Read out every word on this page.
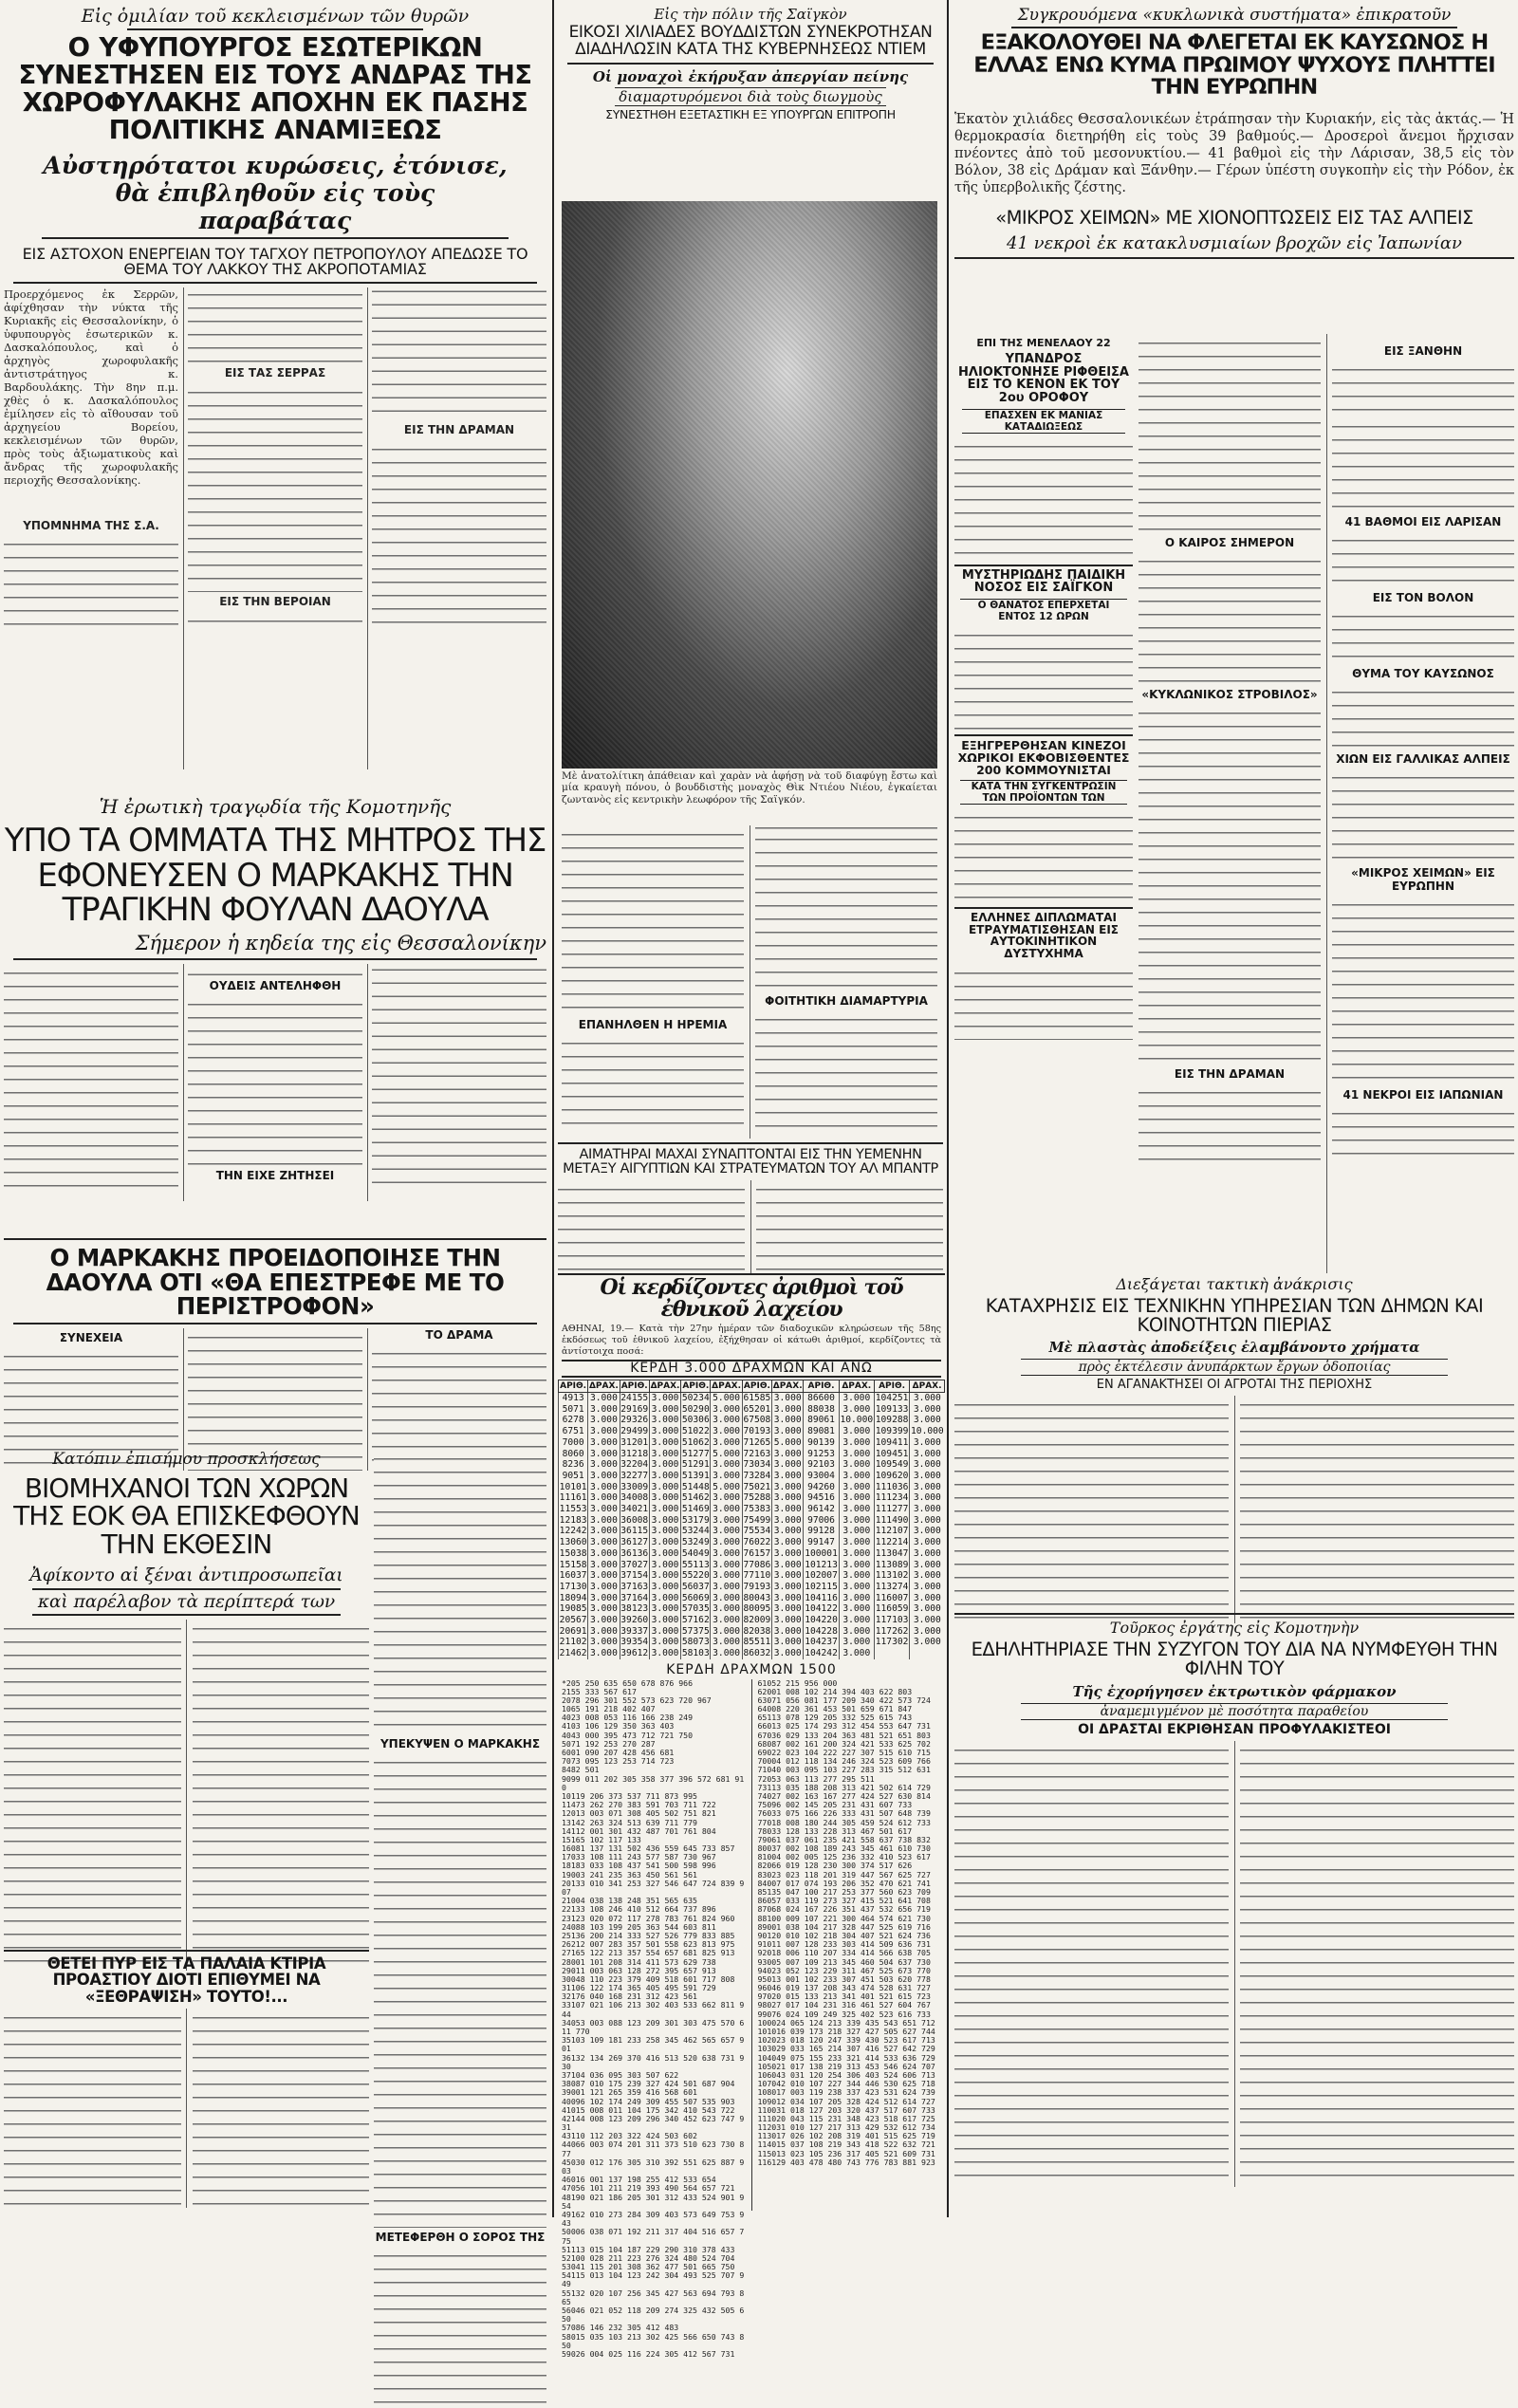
Εἰς ὁμιλίαν τοῦ κεκλεισμένων τῶν θυρῶν
Ο ΥΦΥΠΟΥΡΓΟΣ ΕΣΩΤΕΡΙΚΩΝ ΣΥΝΕΣΤΗΣΕΝ ΕΙΣ ΤΟΥΣ ΑΝΔΡΑΣ ΤΗΣ ΧΩΡΟΦΥΛΑΚΗΣ ΑΠΟΧΗΝ ΕΚ ΠΑΣΗΣ ΠΟΛΙΤΙΚΗΣ ΑΝΑΜΙΞΕΩΣ
Αὐστηρότατοι κυρώσεις, ἐτόνισε,
θὰ ἐπιβληθοῦν εἰς τοὺς παραβάτας
ΕΙΣ ΑΣΤΟΧΟΝ ΕΝΕΡΓΕΙΑΝ ΤΟΥ ΤΑΓΧΟΥ ΠΕΤΡΟΠΟΥΛΟΥ ΑΠΕΔΩΣΕ ΤΟ ΘΕΜΑ ΤΟΥ ΛΑΚΚΟΥ ΤΗΣ ΑΚΡΟΠΟΤΑΜΙΑΣ
Προερχόμενος ἐκ Σερρῶν, ἀφίχθησαν τὴν νύκτα τῆς Κυριακῆς εἰς Θεσσαλονίκην, ὁ ὑφυπουργὸς ἐσωτερικῶν κ. Δασκαλόπουλος, καὶ ὁ ἀρχηγὸς χωροφυλακῆς ἀντιστράτηγος κ. Βαρδουλάκης. Τὴν 8ην π.μ. χθὲς ὁ κ. Δασκαλόπουλος ἐμίλησεν εἰς τὸ αἴθουσαν τοῦ ἀρχηγείου Βορείου, κεκλεισμένων τῶν θυρῶν, πρὸς τοὺς ἀξιωματικοὺς καὶ ἄνδρας τῆς χωροφυλακῆς περιοχῆς Θεσσαλονίκης.

ΥΠΟΜΝΗΜΑ ΤΗΣ Σ.Α.
ΕΙΣ ΤΑΣ ΣΕΡΡΑΣ
ΕΙΣ ΤΗΝ ΒΕΡΟΙΑΝ
ΕΙΣ ΤΗΝ ΔΡΑΜΑΝ
Ἡ ἐρωτικὴ τραγῳδία τῆς Κομοτηνῆς
ΥΠΟ ΤΑ ΟΜΜΑΤΑ ΤΗΣ ΜΗΤΡΟΣ ΤΗΣ ΕΦΟΝΕΥΣΕΝ Ο ΜΑΡΚΑΚΗΣ ΤΗΝ ΤΡΑΓΙΚΗΝ ΦΟΥΛΑΝ ΔΑΟΥΛΑ
Σήμερον ἡ κηδεία της εἰς Θεσσαλονίκην
ΟΥΔΕΙΣ ΑΝΤΕΛΗΦΘΗ
ΤΗΝ ΕΙΧΕ ΖΗΤΗΣΕΙ
Ο ΜΑΡΚΑΚΗΣ ΠΡΟΕΙΔΟΠΟΙΗΣΕ ΤΗΝ ΔΑΟΥΛΑ ΟΤΙ «ΘΑ ΕΠΕΣΤΡΕΦΕ ΜΕ ΤΟ ΠΕΡΙΣΤΡΟΦΟΝ»
ΣΥΝΕΧΕΙΑ	ΤΟ ΔΡΑΜΑ
Κατόπιν ἐπισήμου προσκλήσεως
ΒΙΟΜΗΧΑΝΟΙ ΤΩΝ ΧΩΡΩΝ ΤΗΣ ΕΟΚ ΘΑ ΕΠΙΣΚΕΦΘΟΥΝ ΤΗΝ ΕΚΘΕΣΙΝ
Ἀφίκοντο αἱ ξέναι ἀντιπροσωπεῖαι
καὶ παρέλαβον τὰ περίπτερά των
ΥΠΕΚΥΨΕΝ Ο ΜΑΡΚΑΚΗΣ
ΜΕΤΕΦΕΡΘΗ Ο ΣΟΡΟΣ ΤΗΣ
ΘΕΤΕΙ ΠΥΡ ΕΙΣ ΤΑ ΠΑΛΑΙΑ ΚΤΙΡΙΑ ΠΡΟΑΣΤΙΟΥ ΔΙΟΤΙ ΕΠΙΘΥΜΕΙ ΝΑ «ΞΕΘΡΑΨΙΣΗ» ΤΟΥΤΟ!...
Εἰς τὴν πόλιν τῆς Σαϊγκὸν
ΕΙΚΟΣΙ ΧΙΛΙΑΔΕΣ ΒΟΥΔΔΙΣΤΩΝ ΣΥΝΕΚΡΟΤΗΣΑΝ ΔΙΑΔΗΛΩΣΙΝ ΚΑΤΑ ΤΗΣ ΚΥΒΕΡΝΗΣΕΩΣ ΝΤΙΕΜ
Οἱ μοναχοὶ ἐκήρυξαν ἀπεργίαν πείνης
διαμαρτυρόμενοι διὰ τοὺς διωγμοὺς
ΣΥΝΕΣΤΗΘΗ ΕΞΕΤΑΣΤΙΚΗ ΕΞ ΥΠΟΥΡΓΩΝ ΕΠΙΤΡΟΠΗ
Μὲ ἀνατολίτικη ἀπάθειαν καὶ χαρὰν νὰ ἀφήσῃ νὰ τοῦ διαφύγῃ ἔστω καὶ μία κραυγὴ πόνου, ὁ βουδδιστὴς μοναχὸς Θὶκ Ντιέου Νιέου, ἐγκαίεται ζωντανὸς εἰς κεντρικὴν λεωφόρον τῆς Σαϊγκόν.
ΕΠΑΝΗΛΘΕΝ Η ΗΡΕΜΙΑ
ΦΟΙΤΗΤΙΚΗ ΔΙΑΜΑΡΤΥΡΙΑ
ΑΙΜΑΤΗΡΑΙ ΜΑΧΑΙ ΣΥΝΑΠΤΟΝΤΑΙ ΕΙΣ ΤΗΝ ΥΕΜΕΝΗΝ ΜΕΤΑΞΥ ΑΙΓΥΠΤΙΩΝ ΚΑΙ ΣΤΡΑΤΕΥΜΑΤΩΝ ΤΟΥ ΑΛ ΜΠΑΝΤΡ
Συγκρουόμενα «κυκλωνικὰ συστήματα» ἐπικρατοῦν
ΕΞΑΚΟΛΟΥΘΕΙ ΝΑ ΦΛΕΓΕΤΑΙ ΕΚ ΚΑΥΣΩΝΟΣ Η ΕΛΛΑΣ ΕΝΩ ΚΥΜΑ ΠΡΩΙΜΟΥ ΨΥΧΟΥΣ ΠΛΗΤΤΕΙ ΤΗΝ ΕΥΡΩΠΗΝ
Ἑκατὸν χιλιάδες Θεσσαλονικέων ἐτράπησαν τὴν Κυριακήν, εἰς τὰς ἀκτάς.— Ἡ θερμοκρασία διετηρήθη εἰς τοὺς 39 βαθμούς.— Δροσεροὶ ἄνεμοι ἤρχισαν πνέοντες ἀπὸ τοῦ μεσονυκτίου.— 41 βαθμοὶ εἰς τὴν Λάρισαν, 38,5 εἰς τὸν Βόλον, 38 εἰς Δράμαν καὶ Ξάνθην.— Γέρων ὑπέστη συγκοπὴν εἰς τὴν Ρόδον, ἐκ τῆς ὑπερβολικῆς ζέστης.
«ΜΙΚΡΟΣ ΧΕΙΜΩΝ» ΜΕ ΧΙΟΝΟΠΤΩΣΕΙΣ ΕΙΣ ΤΑΣ ΑΛΠΕΙΣ
41 νεκροὶ ἐκ κατακλυσμιαίων βροχῶν εἰς Ἰαπωνίαν
ΕΠΙ ΤΗΣ ΜΕΝΕΛΑΟΥ 22
ΥΠΑΝΔΡΟΣ ΗΛΙΟΚΤΟΝΗΣΕ ΡΙΦΘΕΙΣΑ ΕΙΣ ΤΟ ΚΕΝΟΝ ΕΚ ΤΟΥ 2ου ΟΡΟΦΟΥ
ΕΠΑΣΧΕΝ ΕΚ ΜΑΝΙΑΣ ΚΑΤΑΔΙΩΞΕΩΣ
ΜΥΣΤΗΡΙΩΔΗΣ ΠΑΙΔΙΚΗ ΝΟΣΟΣ ΕΙΣ ΣΑΪΓΚΟΝ
Ο ΘΑΝΑΤΟΣ ΕΠΕΡΧΕΤΑΙ ΕΝΤΟΣ 12 ΩΡΩΝ
ΕΞΗΓΡΕΡΘΗΣΑΝ ΚΙΝΕΖΟΙ ΧΩΡΙΚΟΙ ΕΚΦΟΒΙΣΘΕΝΤΕΣ 200 ΚΟΜΜΟΥΝΙΣΤΑΙ
ΚΑΤΑ ΤΗΝ ΣΥΓΚΕΝΤΡΩΣΙΝ ΤΩΝ ΠΡΟΪΟΝΤΩΝ ΤΩΝ
ΕΛΛΗΝΕΣ ΔΙΠΛΩΜΑΤΑΙ ΕΤΡΑΥΜΑΤΙΣΘΗΣΑΝ ΕΙΣ ΑΥΤΟΚΙΝΗΤΙΚΟΝ ΔΥΣΤΥΧΗΜΑ
Ο ΚΑΙΡΟΣ ΣΗΜΕΡΟΝ
«ΚΥΚΛΩΝΙΚΟΣ ΣΤΡΟΒΙΛΟΣ»
ΕΙΣ ΤΗΝ ΔΡΑΜΑΝ
ΕΙΣ ΞΑΝΘΗΝ
41 ΒΑΘΜΟΙ ΕΙΣ ΛΑΡΙΣΑΝ
ΕΙΣ ΤΟΝ ΒΟΛΟΝ
ΘΥΜΑ ΤΟΥ ΚΑΥΣΩΝΟΣ
ΧΙΩΝ ΕΙΣ ΓΑΛΛΙΚΑΣ ΑΛΠΕΙΣ
«ΜΙΚΡΟΣ ΧΕΙΜΩΝ» ΕΙΣ ΕΥΡΩΠΗΝ
41 ΝΕΚΡΟΙ ΕΙΣ ΙΑΠΩΝΙΑΝ
Διεξάγεται τακτικὴ ἀνάκρισις
ΚΑΤΑΧΡΗΣΙΣ ΕΙΣ ΤΕΧΝΙΚΗΝ ΥΠΗΡΕΣΙΑΝ ΤΩΝ ΔΗΜΩΝ ΚΑΙ ΚΟΙΝΟΤΗΤΩΝ ΠΙΕΡΙΑΣ
Μὲ πλαστὰς ἀποδείξεις ἐλαμβάνοντο χρήματα
πρὸς ἐκτέλεσιν ἀνυπάρκτων ἔργων ὁδοποιίας
ΕΝ ΑΓΑΝΑΚΤΗΣΕΙ ΟΙ ΑΓΡΟΤΑΙ ΤΗΣ ΠΕΡΙΟΧΗΣ
Τοῦρκος ἐργάτης εἰς Κομοτηνὴν
ΕΔΗΛΗΤΗΡΙΑΣΕ ΤΗΝ ΣΥΖΥΓΟΝ ΤΟΥ ΔΙΑ ΝΑ ΝΥΜΦΕΥΘΗ ΤΗΝ ΦΙΛΗΝ ΤΟΥ
Τῆς ἐχορήγησεν ἐκτρωτικὸν φάρμακον
ἀναμεμιγμένον μὲ ποσότητα παραθείου
ΟΙ ΔΡΑΣΤΑΙ ΕΚΡΙΘΗΣΑΝ ΠΡΟΦΥΛΑΚΙΣΤΕΟΙ
Οἱ κερδίζοντες ἀριθμοὶ τοῦ ἐθνικοῦ λαχείου
ΑΘΗΝΑΙ, 19.— Κατὰ τὴν 27ην ἡμέραν τῶν διαδοχικῶν κληρώσεων τῆς 58ης ἐκδόσεως τοῦ ἐθνικοῦ λαχείου, ἐξήχθησαν οἱ κάτωθι ἀριθμοί, κερδίζοντες τὰ ἀντίστοιχα ποσά:
ΚΕΡΔΗ 3.000 ΔΡΑΧΜΩΝ ΚΑΙ ΑΝΩ
ΑΡΙΘ.	ΔΡΑΧ.	ΑΡΙΘ.	ΔΡΑΧ.	ΑΡΙΘ.	ΔΡΑΧ.	ΑΡΙΘ.	ΔΡΑΧ.	ΑΡΙΘ.	ΔΡΑΧ.	ΑΡΙΘ.	ΔΡΑΧ.
4913	3.000	24155	3.000	50234	5.000	61585	3.000	86600	3.000	104251	3.000
5071	3.000	29169	3.000	50290	3.000	65201	3.000	88038	3.000	109133	3.000
6278	3.000	29326	3.000	50306	3.000	67508	3.000	89061	10.000	109288	3.000
6751	3.000	29499	3.000	51022	3.000	70193	3.000	89081	3.000	109399	10.000
7000	3.000	31201	3.000	51062	3.000	71265	5.000	90139	3.000	109411	3.000
8060	3.000	31218	3.000	51277	5.000	72163	3.000	91253	3.000	109451	3.000
8236	3.000	32204	3.000	51291	3.000	73034	3.000	92103	3.000	109549	3.000
9051	3.000	32277	3.000	51391	3.000	73284	3.000	93004	3.000	109620	3.000
10101	3.000	33009	3.000	51448	5.000	75021	3.000	94260	3.000	111036	3.000
11161	3.000	34008	3.000	51462	3.000	75288	3.000	94516	3.000	111234	3.000
11553	3.000	34021	3.000	51469	3.000	75383	3.000	96142	3.000	111277	3.000
12183	3.000	36008	3.000	53179	3.000	75499	3.000	97006	3.000	111490	3.000
12242	3.000	36115	3.000	53244	3.000	75534	3.000	99128	3.000	112107	3.000
13060	3.000	36127	3.000	53249	3.000	76022	3.000	99147	3.000	112214	3.000
15038	3.000	36136	3.000	54049	3.000	76157	3.000	100001	3.000	113047	3.000
15158	3.000	37027	3.000	55113	3.000	77086	3.000	101213	3.000	113089	3.000
16037	3.000	37154	3.000	55220	3.000	77110	3.000	102007	3.000	113102	3.000
17130	3.000	37163	3.000	56037	3.000	79193	3.000	102115	3.000	113274	3.000
18094	3.000	37164	3.000	56069	3.000	80043	3.000	104116	3.000	116007	3.000
19085	3.000	38123	3.000	57035	3.000	80095	3.000	104122	3.000	116059	3.000
20567	3.000	39260	3.000	57162	3.000	82009	3.000	104220	3.000	117103	3.000
20691	3.000	39337	3.000	57375	3.000	82038	3.000	104228	3.000	117262	3.000
21102	3.000	39354	3.000	58073	3.000	85511	3.000	104237	3.000	117302	3.000
21462	3.000	39612	3.000	58103	3.000	86032	3.000	104242	3.000		
ΚΕΡΔΗ ΔΡΑΧΜΩΝ 1500
*205 250 635 650 678 876 966
2155 333 567 617
2078 296 301 552 573 623 720 967
1065 191 218 402 407
4023 008 053 116 166 238 249
4103 106 129 350 363 403
4043 000 395 473 712 721 750
5071 192 253 270 287
6001 090 207 428 456 681
7073 095 123 253 714 723
8482 501
9099 011 202 305 358 377 396 572 681 910
10119 206 373 537 711 873 995
11473 262 270 383 591 703 711 722
12013 003 071 308 405 502 751 821
13142 263 324 513 639 711 779
14112 001 301 432 487 701 761 804
15165 102 117 133
16081 137 131 502 436 559 645 733 857
17033 108 111 243 577 587 730 967
18183 033 108 437 541 500 598 996
19003 241 235 363 450 561 561
20133 010 341 253 327 546 647 724 839 907
21004 038 138 248 351 565 635
22133 108 246 410 512 664 737 896
23123 020 072 117 278 783 761 824 960
24088 103 199 205 363 544 603 811
25136 200 214 333 527 526 779 833 885
26212 007 283 357 501 558 623 813 975
27165 122 213 357 554 657 681 825 913
28001 101 208 314 411 573 629 738
29011 003 063 128 272 395 657 913
30048 110 223 379 409 518 601 717 808
31106 122 174 365 405 495 591 729
32176 040 168 231 312 423 561
33107 021 106 213 302 403 533 662 811 944
34053 003 088 123 209 301 303 475 570 611 770
35103 109 181 233 258 345 462 565 657 901
36132 134 269 370 416 513 520 638 731 930
37104 036 095 303 507 622
38087 010 175 239 327 424 501 687 904
39001 121 265 359 416 568 601
40096 102 174 249 309 455 507 535 903
41015 008 011 104 175 342 410 543 722
42144 008 123 209 296 340 452 623 747 931
43110 112 203 322 424 503 602
44066 003 074 201 311 373 510 623 730 877
45030 012 176 305 310 392 551 625 887 903
46016 001 137 198 255 412 533 654
47056 101 211 219 393 490 564 657 721
48190 021 186 205 301 312 433 524 901 954
49162 010 273 284 309 403 573 649 753 943
50006 038 071 192 211 317 404 516 657 775
51113 015 104 187 229 290 310 378 433
52100 028 211 223 276 324 480 524 704
53041 115 201 308 362 477 501 665 750
54115 013 104 123 242 304 493 525 707 949
55132 020 107 256 345 427 563 694 793 865
56046 021 052 118 209 274 325 432 505 650
57086 146 232 305 412 483
58015 035 103 213 302 425 566 650 743 850
59026 004 025 116 224 305 412 567 731
61052 215 956 000
62001 008 102 214 394 403 622 803
63071 056 081 177 209 340 422 573 724
64008 220 361 453 501 659 671 847
65113 078 129 205 332 525 615 743
66013 025 174 293 312 454 553 647 731
67036 029 133 204 363 481 521 651 803
68087 002 161 200 324 421 533 625 702
69022 023 104 222 227 307 515 610 715
70004 012 118 134 246 324 523 609 766
71040 003 095 103 227 283 315 512 631
72053 063 113 277 295 511
73113 035 188 208 313 421 502 614 729
74027 002 163 167 277 424 527 630 814
75096 002 145 205 231 431 607 733
76033 075 166 226 333 431 507 648 739
77018 008 180 244 305 459 524 612 733
78033 128 133 228 313 467 501 617
79061 037 061 235 421 558 637 738 832
80037 002 108 189 243 345 461 610 730
81004 002 005 125 236 332 410 523 617
82066 019 128 230 300 374 517 626
83023 023 118 201 319 447 567 625 727
84007 017 074 193 206 352 470 621 741
85135 047 100 217 253 377 560 623 709
86057 033 119 273 327 415 521 641 708
87068 024 167 226 351 437 532 656 719
88100 009 107 221 300 464 574 621 730
89001 038 104 217 328 447 525 619 716
90120 010 102 218 304 407 521 624 736
91011 007 128 233 303 414 509 636 731
92018 006 110 207 334 414 566 638 705
93005 007 109 213 345 460 504 637 730
94023 052 123 229 311 467 525 673 770
95013 001 102 233 307 451 503 620 778
96046 019 137 208 343 474 528 631 727
97020 015 133 213 341 401 521 615 723
98027 017 104 231 316 461 527 604 767
99076 024 109 249 325 402 523 616 733
100024 065 124 213 339 435 543 651 712
101016 039 173 218 327 427 505 627 744
102023 018 120 247 339 430 523 617 713
103029 033 165 214 307 416 527 642 729
104049 075 155 233 321 414 533 636 729
105021 017 138 219 313 453 546 624 707
106043 031 120 254 306 403 524 606 713
107042 010 107 227 344 446 530 625 718
108017 003 119 238 337 423 531 624 739
109012 034 107 205 328 424 512 614 727
110031 018 127 203 320 437 517 607 733
111020 043 115 231 348 423 518 617 725
112031 010 127 217 313 429 532 612 734
113017 026 102 208 319 401 515 625 719
114015 037 108 219 343 418 522 632 721
115013 023 105 236 317 405 521 609 731
116129 403 478 480 743 776 783 881 923
